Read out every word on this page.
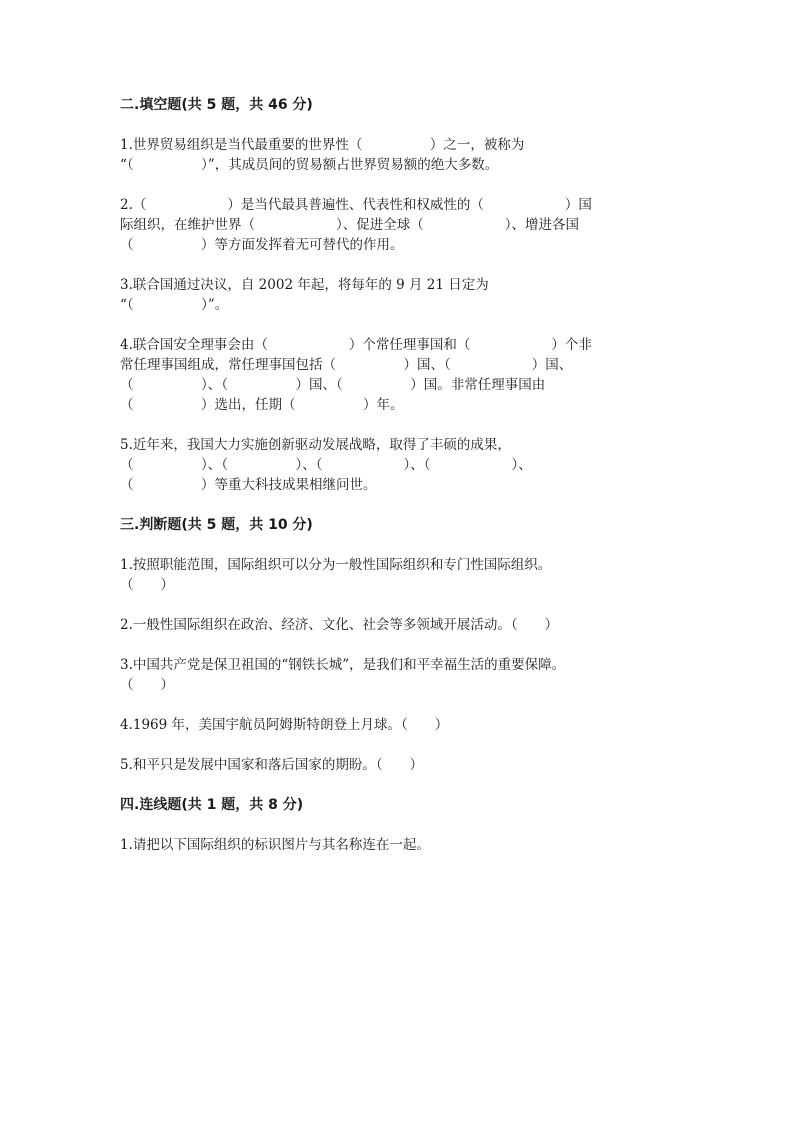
二.填空题(共 5 题，共 46 分)
1.世界贸易组织是当代最重要的世界性（　　　　　）之一，被称为
“（　　　　　）”，其成员间的贸易额占世界贸易额的绝大多数。
2.（　　　　　　）是当代最具普遍性、代表性和权威性的（　　　　　　）国
际组织，在维护世界（　　　　　　）、促进全球（　　　　　　）、增进各国
（　　　　　）等方面发挥着无可替代的作用。
3.联合国通过决议，自 2002 年起，将每年的 9 月 21 日定为
“（　　　　　）”。
4.联合国安全理事会由（　　　　　　）个常任理事国和（　　　　　　）个非
常任理事国组成，常任理事国包括（　　　　　）国、（　　　　　　）国、
（　　　　　）、（　　　　　）国、（　　　　　）国。非常任理事国由
（　　　　　）选出，任期（　　　　　）年。
5.近年来，我国大力实施创新驱动发展战略，取得了丰硕的成果，
（　　　　　）、（　　　　　）、（　　　　　　）、（　　　　　　）、
（　　　　　）等重大科技成果相继问世。
三.判断题(共 5 题，共 10 分)
1.按照职能范围，国际组织可以分为一般性国际组织和专门性国际组织。
（　　）
2.一般性国际组织在政治、经济、文化、社会等多领域开展活动。（　　）
3.中国共产党是保卫祖国的“钢铁长城”，是我们和平幸福生活的重要保障。
（　　）
4.1969 年，美国宇航员阿姆斯特朗登上月球。（　　）
5.和平只是发展中国家和落后国家的期盼。（　　）
四.连线题(共 1 题，共 8 分)
1.请把以下国际组织的标识图片与其名称连在一起。
